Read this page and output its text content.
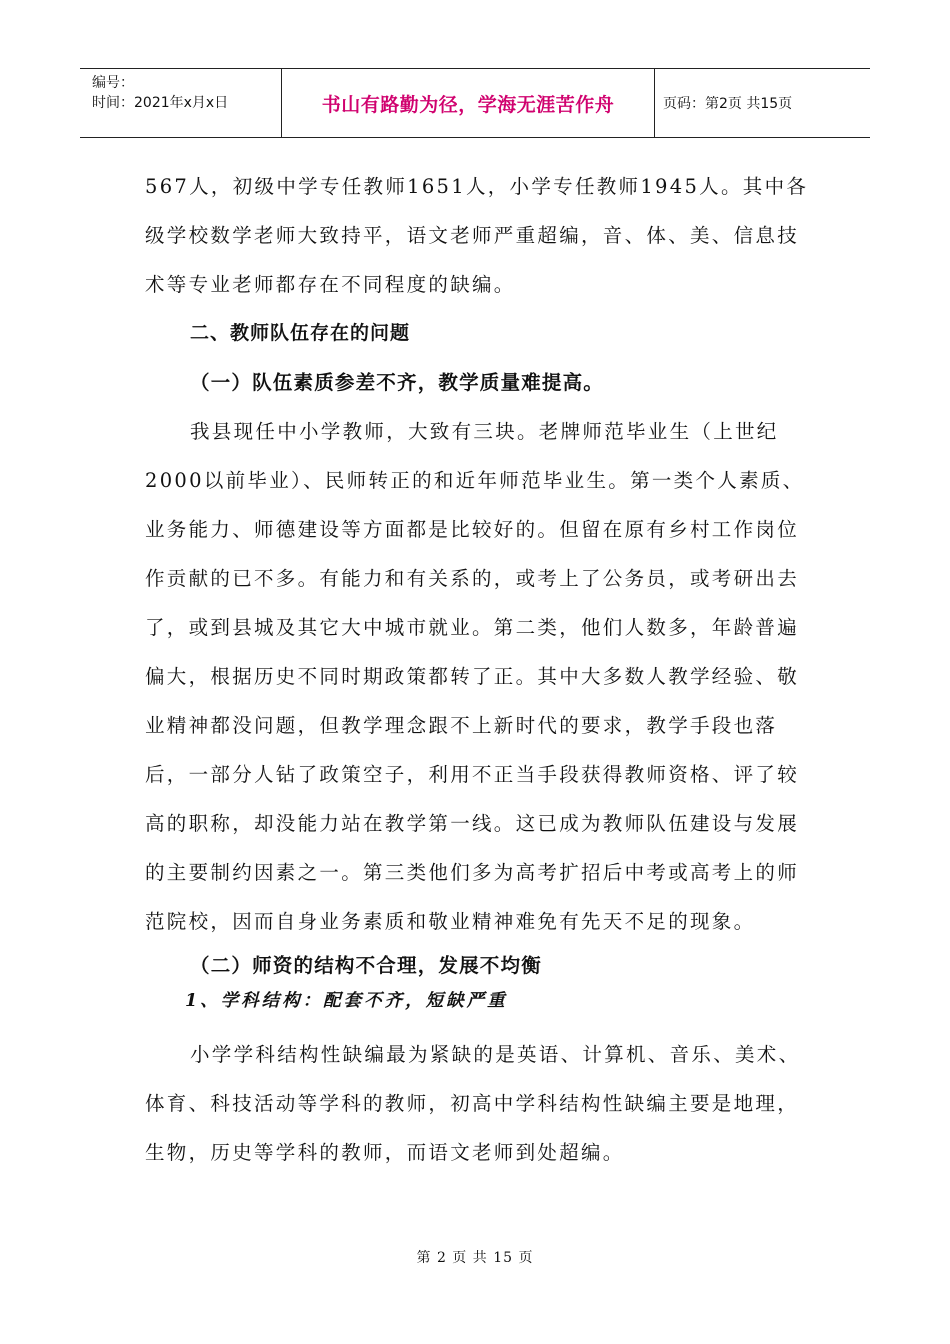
编号：
时间：2021年x月x日	书山有路勤为径，学海无涯苦作舟	页码：第2页 共15页

567人，初级中学专任教师1651人，小学专任教师1945人。其中各级学校数学老师大致持平，语文老师严重超编，音、体、美、信息技术等专业老师都存在不同程度的缺编。

二、教师队伍存在的问题

（一）队伍素质参差不齐，教学质量难提高。

我县现任中小学教师，大致有三块。老牌师范毕业生（上世纪2000以前毕业）、民师转正的和近年师范毕业生。第一类个人素质、业务能力、师德建设等方面都是比较好的。但留在原有乡村工作岗位作贡献的已不多。有能力和有关系的，或考上了公务员，或考研出去了，或到县城及其它大中城市就业。第二类，他们人数多，年龄普遍偏大，根据历史不同时期政策都转了正。其中大多数人教学经验、敬业精神都没问题，但教学理念跟不上新时代的要求，教学手段也落后，一部分人钻了政策空子，利用不正当手段获得教师资格、评了较高的职称，却没能力站在教学第一线。这已成为教师队伍建设与发展的主要制约因素之一。第三类他们多为高考扩招后中考或高考上的师范院校，因而自身业务素质和敬业精神难免有先天不足的现象。

（二）师资的结构不合理，发展不均衡

1、学科结构：配套不齐，短缺严重

小学学科结构性缺编最为紧缺的是英语、计算机、音乐、美术、体育、科技活动等学科的教师，初高中学科结构性缺编主要是地理，生物，历史等学科的教师，而语文老师到处超编。

第 2 页 共 15 页
